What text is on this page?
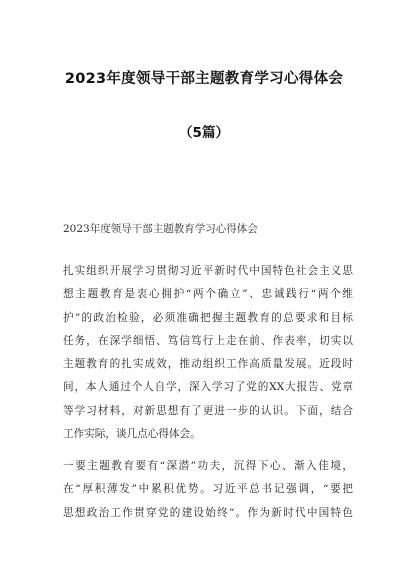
2023年度领导干部主题教育学习心得体会
（5篇）
2023年度领导干部主题教育学习心得体会
扎实组织开展学习贯彻习近平新时代中国特色社会主义思
想主题教育是衷心拥护“两个确立”、忠诚践行“两个维
护”的政治检验，必须准确把握主题教育的总要求和目标
任务，在深学细悟、笃信笃行上走在前、作表率，切实以
主题教育的扎实成效，推动组织工作高质量发展。近段时
间，本人通过个人自学，深入学习了党的XX大报告、党章
等学习材料，对新思想有了更进一步的认识。下面，结合
工作实际，谈几点心得体会。
一要主题教育要有“深潜”功夫，沉得下心、渐入佳境，
在“厚积薄发”中累积优势。习近平总书记强调，“要把
思想政治工作贯穿党的建设始终”。作为新时代中国特色
